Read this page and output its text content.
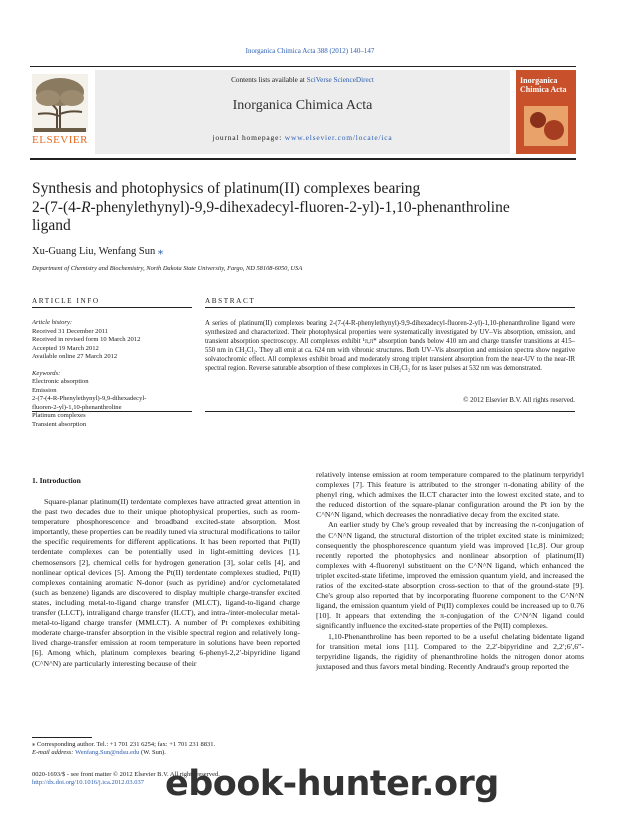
Inorganica Chimica Acta 388 (2012) 140–147
Contents lists available at SciVerse ScienceDirect
Inorganica Chimica Acta
journal homepage: www.elsevier.com/locate/ica
ELSEVIER
Inorganica Chimica Acta
Synthesis and photophysics of platinum(II) complexes bearing
2-(7-(4-R-phenylethynyl)-9,9-dihexadecyl-fluoren-2-yl)-1,10-phenanthroline
ligand
Xu-Guang Liu, Wenfang Sun ⁎
Department of Chemistry and Biochemistry, North Dakota State University, Fargo, ND 58108-6050, USA
ARTICLE INFO	ABSTRACT
Article history:
Received 31 December 2011
Received in revised form 10 March 2012
Accepted 19 March 2012
Available online 27 March 2012
Keywords:
Electronic absorption
Emission
2-(7-(4-R-Phenylethynyl)-9,9-dihexadecyl-
fluoren-2-yl)-1,10-phenanthroline
Platinum complexes
Transient absorption
A series of platinum(II) complexes bearing 2-(7-(4-R-phenylethynyl)-9,9-dihexadecyl-fluoren-2-yl)-1,10-phenanthroline ligand were synthesized and characterized. Their photophysical properties were systematically investigated by UV–Vis absorption, emission, and transient absorption spectroscopy. All complexes exhibit ¹π,π* absorption bands below 410 nm and charge transfer transitions at 415–550 nm in CH₂Cl₂. They all emit at ca. 624 nm with vibronic structures. Both UV–Vis absorption and emission spectra show negative solvatochromic effect. All complexes exhibit broad and moderately strong triplet transient absorption from the near-UV to the near-IR spectral region. Reverse saturable absorption of these complexes in CH₂Cl₂ for ns laser pulses at 532 nm was demonstrated.
© 2012 Elsevier B.V. All rights reserved.
1. Introduction

Square-planar platinum(II) terdentate complexes have attracted great attention in the past two decades due to their unique photophysical properties, such as room-temperature phosphorescence and broadband excited-state absorption. Most importantly, these properties can be readily tuned via structural modifications to tailor the specific requirements for different applications. It has been reported that Pt(II) terdentate complexes can be potentially used in light-emitting devices [1], chemosensors [2], chemical cells for hydrogen generation [3], solar cells [4], and nonlinear optical devices [5]. Among the Pt(II) terdentate complexes studied, Pt(II) complexes containing aromatic N-donor (such as pyridine) and/or cyclometalated (such as benzene) ligands are discovered to display multiple charge-transfer excited states, including metal-to-ligand charge transfer (MLCT), ligand-to-ligand charge transfer (LLCT), intraligand charge transfer (ILCT), and intra-/inter-molecular metal-metal-to-ligand charge transfer (MMLCT). A number of Pt complexes exhibiting moderate charge-transfer absorption in the visible spectral region and relatively long-lived charge-transfer emission at room temperature in solutions have been reported [6]. Among which, platinum complexes bearing 6-phenyl-2,2′-bipyridine ligand (C^N^N) are particularly interesting because of their

relatively intense emission at room temperature compared to the platinum terpyridyl complexes [7]. This feature is attributed to the stronger π-donating ability of the phenyl ring, which admixes the ILCT character into the lowest excited state, and to the reduced distortion of the square-planar configuration around the Pt ion by the C^N^N ligand, which decreases the nonradiative decay from the excited state.

An earlier study by Che's group revealed that by increasing the π-conjugation of the C^N^N ligand, the structural distortion of the triplet excited state is minimized; consequently the phosphorescence quantum yield was improved [1c,8]. Our group recently reported the photophysics and nonlinear absorption of platinum(II) complexes with 4-fluorenyl substituent on the C^N^N ligand, which enhanced the triplet excited-state lifetime, improved the emission quantum yield, and increased the ratios of the excited-state absorption cross-section to that of the ground-state [9]. Che's group also reported that by incorporating fluorene component to the C^N^N ligand, the emission quantum yield of Pt(II) complexes could be increased up to 0.76 [10]. It appears that extending the π-conjugation of the C^N^N ligand could significantly influence the excited-state properties of the Pt(II) complexes.

1,10-Phenanthroline has been reported to be a useful chelating bidentate ligand for transition metal ions [11]. Compared to the 2,2′-bipyridine and 2,2′;6′,6″-terpyridine ligands, the rigidity of phenanthroline holds the nitrogen donor atoms juxtaposed and thus favors metal binding. Recently Andraud's group reported the

⁎ Corresponding author. Tel.: +1 701 231 6254; fax: +1 701 231 8831.
E-mail address: Wenfang.Sun@ndsu.edu (W. Sun).
0020-1693/$ - see front matter © 2012 Elsevier B.V. All rights reserved.
http://dx.doi.org/10.1016/j.ica.2012.03.037 ebook-hunter.org
